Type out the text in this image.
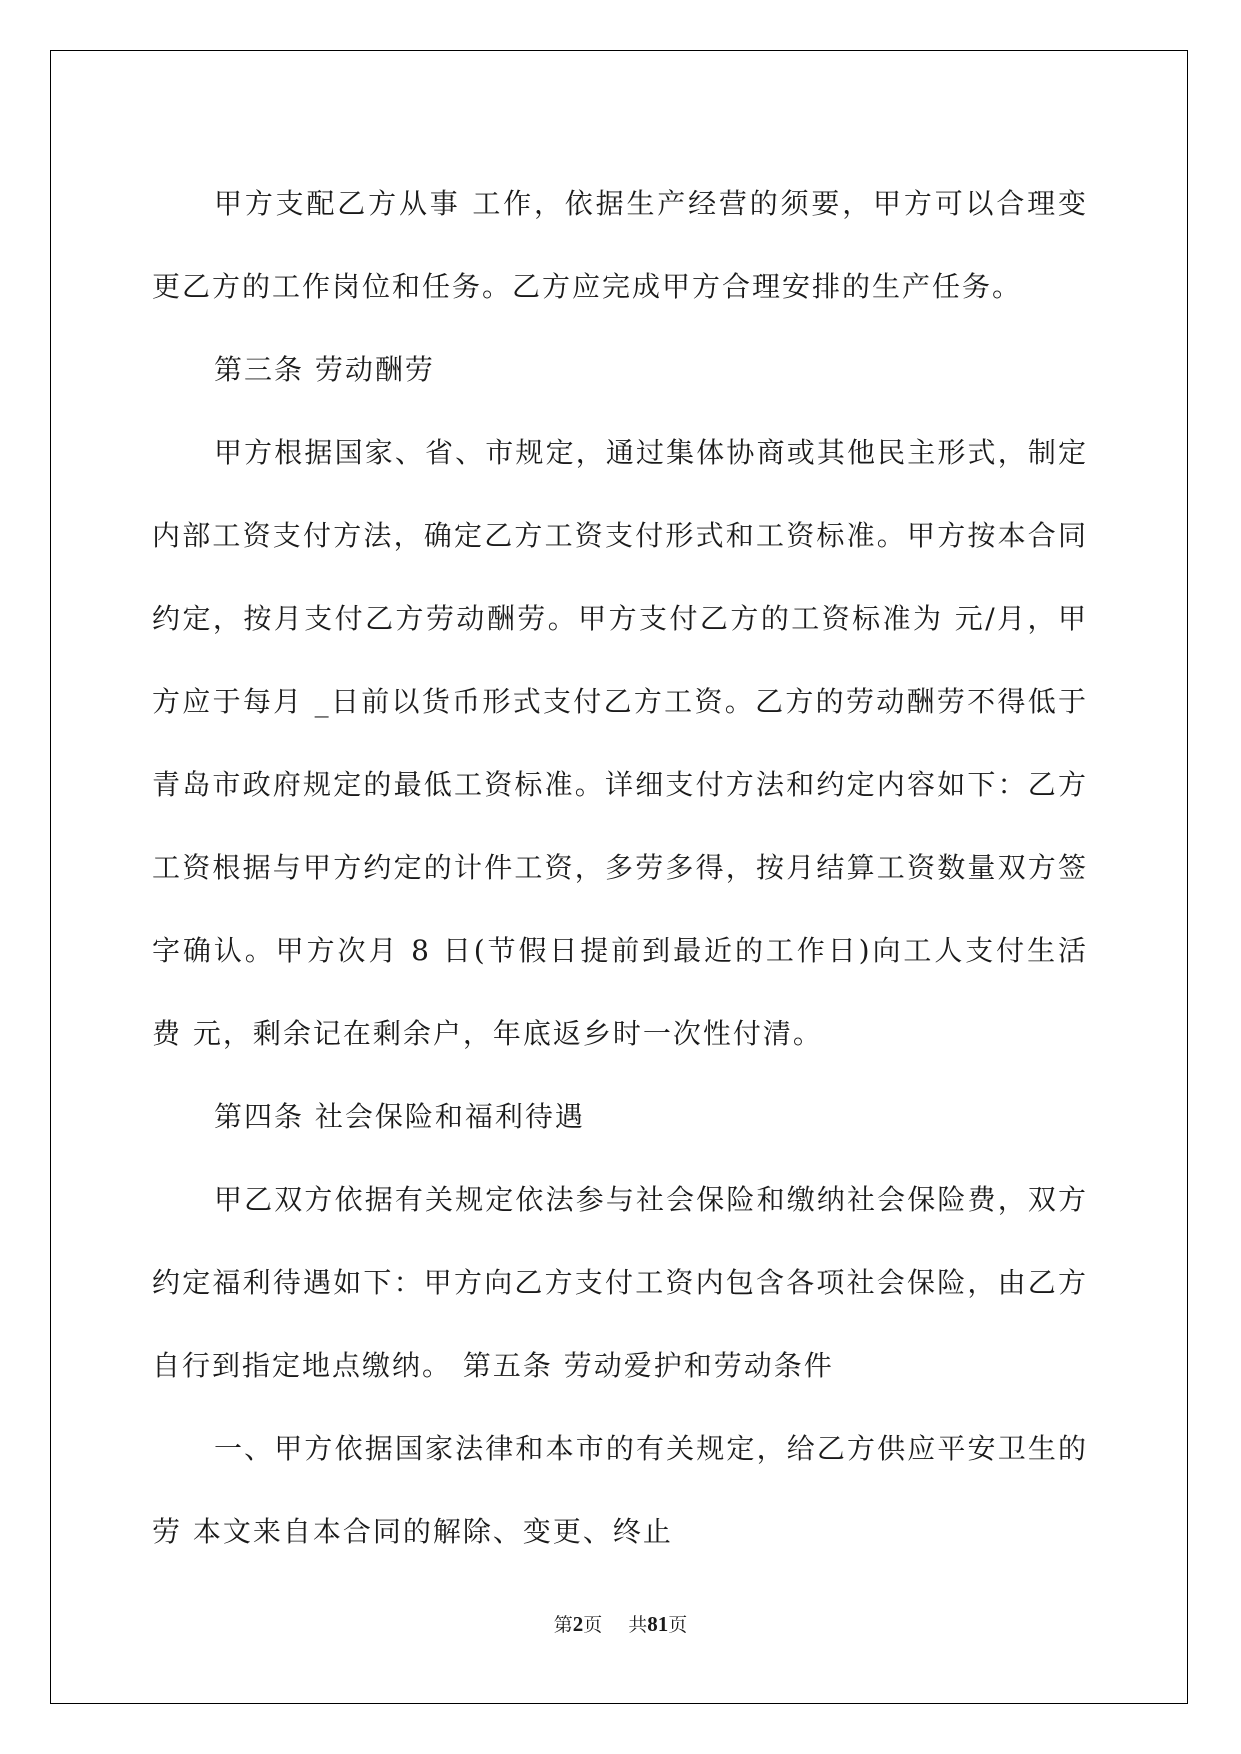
甲方支配乙方从事 工作，依据生产经营的须要，甲方可以合理变更乙方的工作岗位和任务。乙方应完成甲方合理安排的生产任务。

第三条 劳动酬劳

甲方根据国家、省、市规定，通过集体协商或其他民主形式，制定内部工资支付方法，确定乙方工资支付形式和工资标准。甲方按本合同约定，按月支付乙方劳动酬劳。甲方支付乙方的工资标准为 元/月，甲方应于每月 _日前以货币形式支付乙方工资。乙方的劳动酬劳不得低于青岛市政府规定的最低工资标准。详细支付方法和约定内容如下：乙方工资根据与甲方约定的计件工资，多劳多得，按月结算工资数量双方签字确认。甲方次月 8 日(节假日提前到最近的工作日)向工人支付生活费 元，剩余记在剩余户，年底返乡时一次性付清。

第四条 社会保险和福利待遇

甲乙双方依据有关规定依法参与社会保险和缴纳社会保险费，双方约定福利待遇如下：甲方向乙方支付工资内包含各项社会保险，由乙方自行到指定地点缴纳。 第五条 劳动爱护和劳动条件

一、甲方依据国家法律和本市的有关规定，给乙方供应平安卫生的劳 本文来自本合同的解除、变更、终止

第2页 共81页
